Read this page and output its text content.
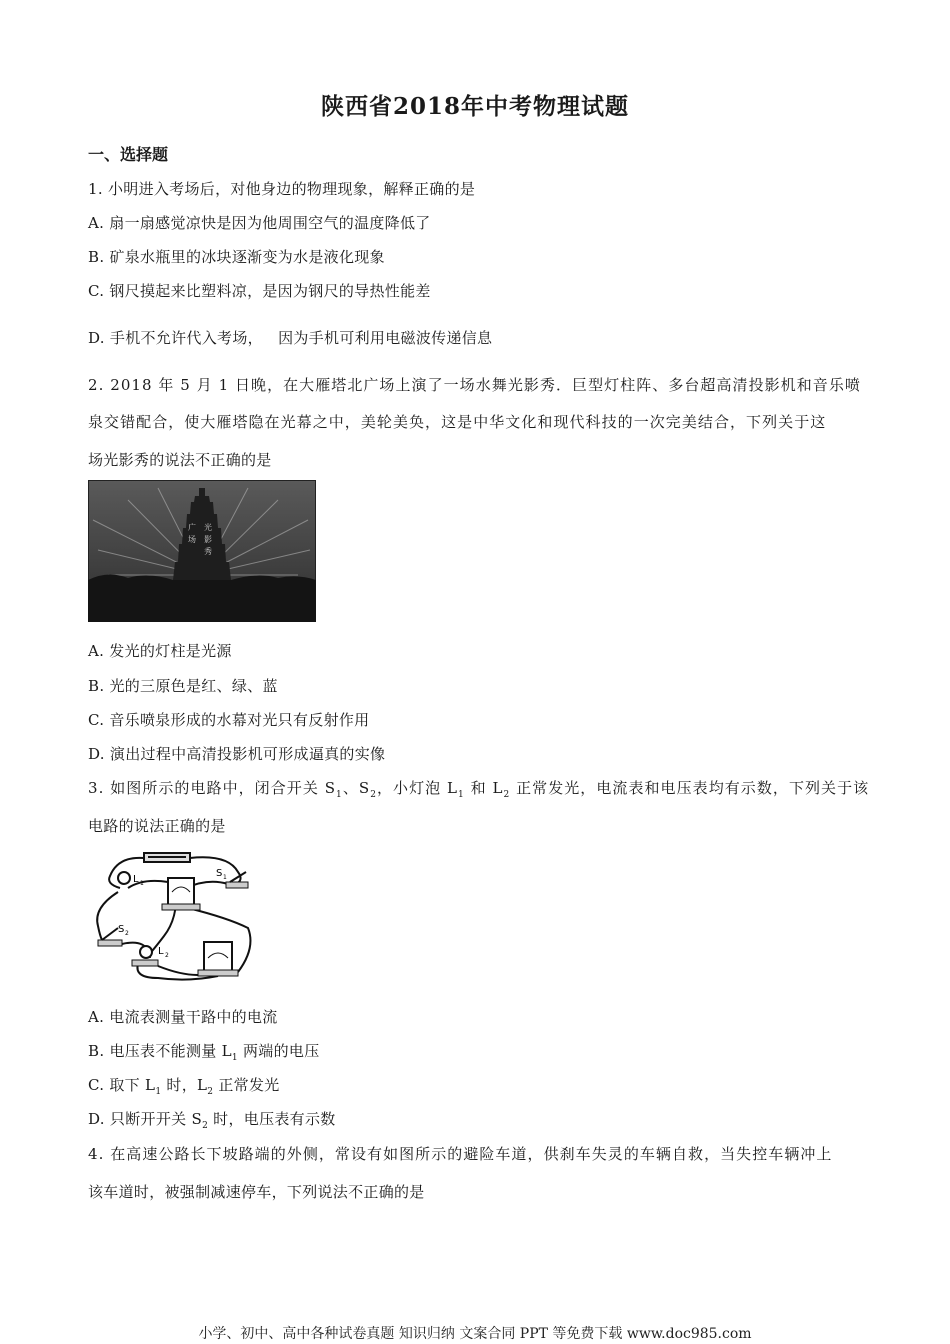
陕西省2018年中考物理试题
一、选择题
1. 小明进入考场后，对他身边的物理现象，解释正确的是
A. 扇一扇感觉凉快是因为他周围空气的温度降低了
B. 矿泉水瓶里的冰块逐渐变为水是液化现象
C. 钢尺摸起来比塑料凉，是因为钢尺的导热性能差
D. 手机不允许代入考场，   因为手机可利用电磁波传递信息
2. 2018 年 5 月 1 日晚，在大雁塔北广场上演了一场水舞光影秀．巨型灯柱阵、多台超高清投影机和音乐喷
泉交错配合，使大雁塔隐在光幕之中，美轮美奂，这是中华文化和现代科技的一次完美结合，下列关于这
场光影秀的说法不正确的是
广
场
光
影
秀
A. 发光的灯柱是光源
B. 光的三原色是红、绿、蓝
C. 音乐喷泉形成的水幕对光只有反射作用
D. 演出过程中高清投影机可形成逼真的实像
3. 如图所示的电路中，闭合开关 $S_1$、$S_2$，小灯泡 $L_1$ 和 $L_2$ 正常发光，电流表和电压表均有示数，下列关于该
电路的说法正确的是
L 1
S 1
S 2
L 2
A. 电流表测量干路中的电流
B. 电压表不能测量 $L_1$ 两端的电压
C. 取下 $L_1$ 时，$L_2$ 正常发光
D. 只断开开关 $S_2$ 时，电压表有示数
4. 在高速公路长下坡路端的外侧，常设有如图所示的避险车道，供刹车失灵的车辆自救，当失控车辆冲上
该车道时，被强制减速停车，下列说法不正确的是
小学、初中、高中各种试卷真题 知识归纳 文案合同 PPT 等免费下载 www.doc985.com
